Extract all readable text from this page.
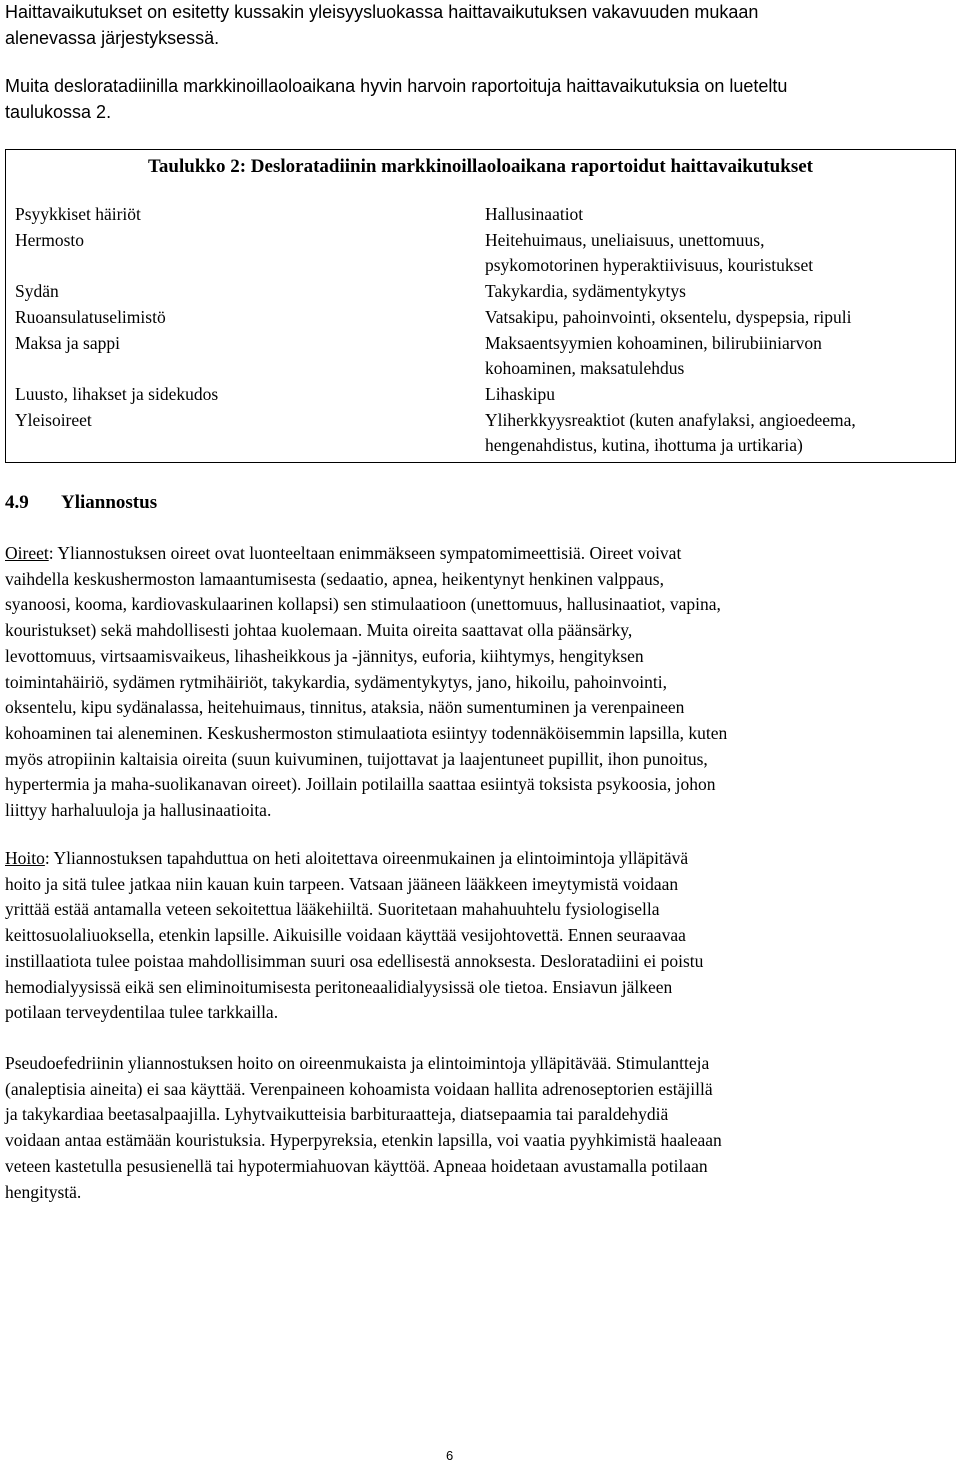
Haittavaikutukset on esitetty kussakin yleisyysluokassa haittavaikutuksen vakavuuden mukaan

alenevassa järjestyksessä.

Muita desloratadiinilla markkinoillaoloaikana hyvin harvoin raportoituja haittavaikutuksia on lueteltu

taulukossa 2.

Taulukko 2: Desloratadiinin markkinoillaoloaikana raportoidut haittavaikutukset
Psyykkiset häiriöt
Hermosto

Sydän
Ruoansulatuselimistö
Maksa ja sappi

Luusto, lihakset ja sidekudos
Yleisoireet
Hallusinaatiot
Heitehuimaus, uneliaisuus, unettomuus,
psykomotorinen hyperaktiivisuus, kouristukset
Takykardia, sydämentykytys
Vatsakipu, pahoinvointi, oksentelu, dyspepsia, ripuli
Maksaentsyymien kohoaminen, bilirubiiniarvon
kohoaminen, maksatulehdus
Lihaskipu
Yliherkkyysreaktiot (kuten anafylaksi, angioedeema,
hengenahdistus, kutina, ihottuma ja urtikaria)
4.9 Yliannostus
Oireet: Yliannostuksen oireet ovat luonteeltaan enimmäkseen sympatomimeettisiä. Oireet voivat
vaihdella keskushermoston lamaantumisesta (sedaatio, apnea, heikentynyt henkinen valppaus,
syanoosi, kooma, kardiovaskulaarinen kollapsi) sen stimulaatioon (unettomuus, hallusinaatiot, vapina,
kouristukset) sekä mahdollisesti johtaa kuolemaan. Muita oireita saattavat olla päänsärky,
levottomuus, virtsaamisvaikeus, lihasheikkous ja -jännitys, euforia, kiihtymys, hengityksen
toimintahäiriö, sydämen rytmihäiriöt, takykardia, sydämentykytys, jano, hikoilu, pahoinvointi,
oksentelu, kipu sydänalassa, heitehuimaus, tinnitus, ataksia, näön sumentuminen ja verenpaineen
kohoaminen tai aleneminen. Keskushermoston stimulaatiota esiintyy todennäköisemmin lapsilla, kuten
myös atropiinin kaltaisia oireita (suun kuivuminen, tuijottavat ja laajentuneet pupillit, ihon punoitus,
hypertermia ja maha-suolikanavan oireet). Joillain potilailla saattaa esiintyä toksista psykoosia, johon
liittyy harhaluuloja ja hallusinaatioita.
Hoito: Yliannostuksen tapahduttua on heti aloitettava oireenmukainen ja elintoimintoja ylläpitävä
hoito ja sitä tulee jatkaa niin kauan kuin tarpeen. Vatsaan jääneen lääkkeen imeytymistä voidaan
yrittää estää antamalla veteen sekoitettua lääkehiiltä. Suoritetaan mahahuuhtelu fysiologisella
keittosuolaliuoksella, etenkin lapsille. Aikuisille voidaan käyttää vesijohtovettä. Ennen seuraavaa
instillaatiota tulee poistaa mahdollisimman suuri osa edellisestä annoksesta. Desloratadiini ei poistu
hemodialyysissä eikä sen eliminoitumisesta peritoneaalidialyysissä ole tietoa. Ensiavun jälkeen
potilaan terveydentilaa tulee tarkkailla.
Pseudoefedriinin yliannostuksen hoito on oireenmukaista ja elintoimintoja ylläpitävää. Stimulantteja
(analeptisia aineita) ei saa käyttää. Verenpaineen kohoamista voidaan hallita adrenoseptorien estäjillä
ja takykardiaa beetasalpaajilla. Lyhytvaikutteisia barbituraatteja, diatsepaamia tai paraldehydiä
voidaan antaa estämään kouristuksia. Hyperpyreksia, etenkin lapsilla, voi vaatia pyyhkimistä haaleaan
veteen kastetulla pesusienellä tai hypotermiahuovan käyttöä. Apneaa hoidetaan avustamalla potilaan
hengitystä.
6
